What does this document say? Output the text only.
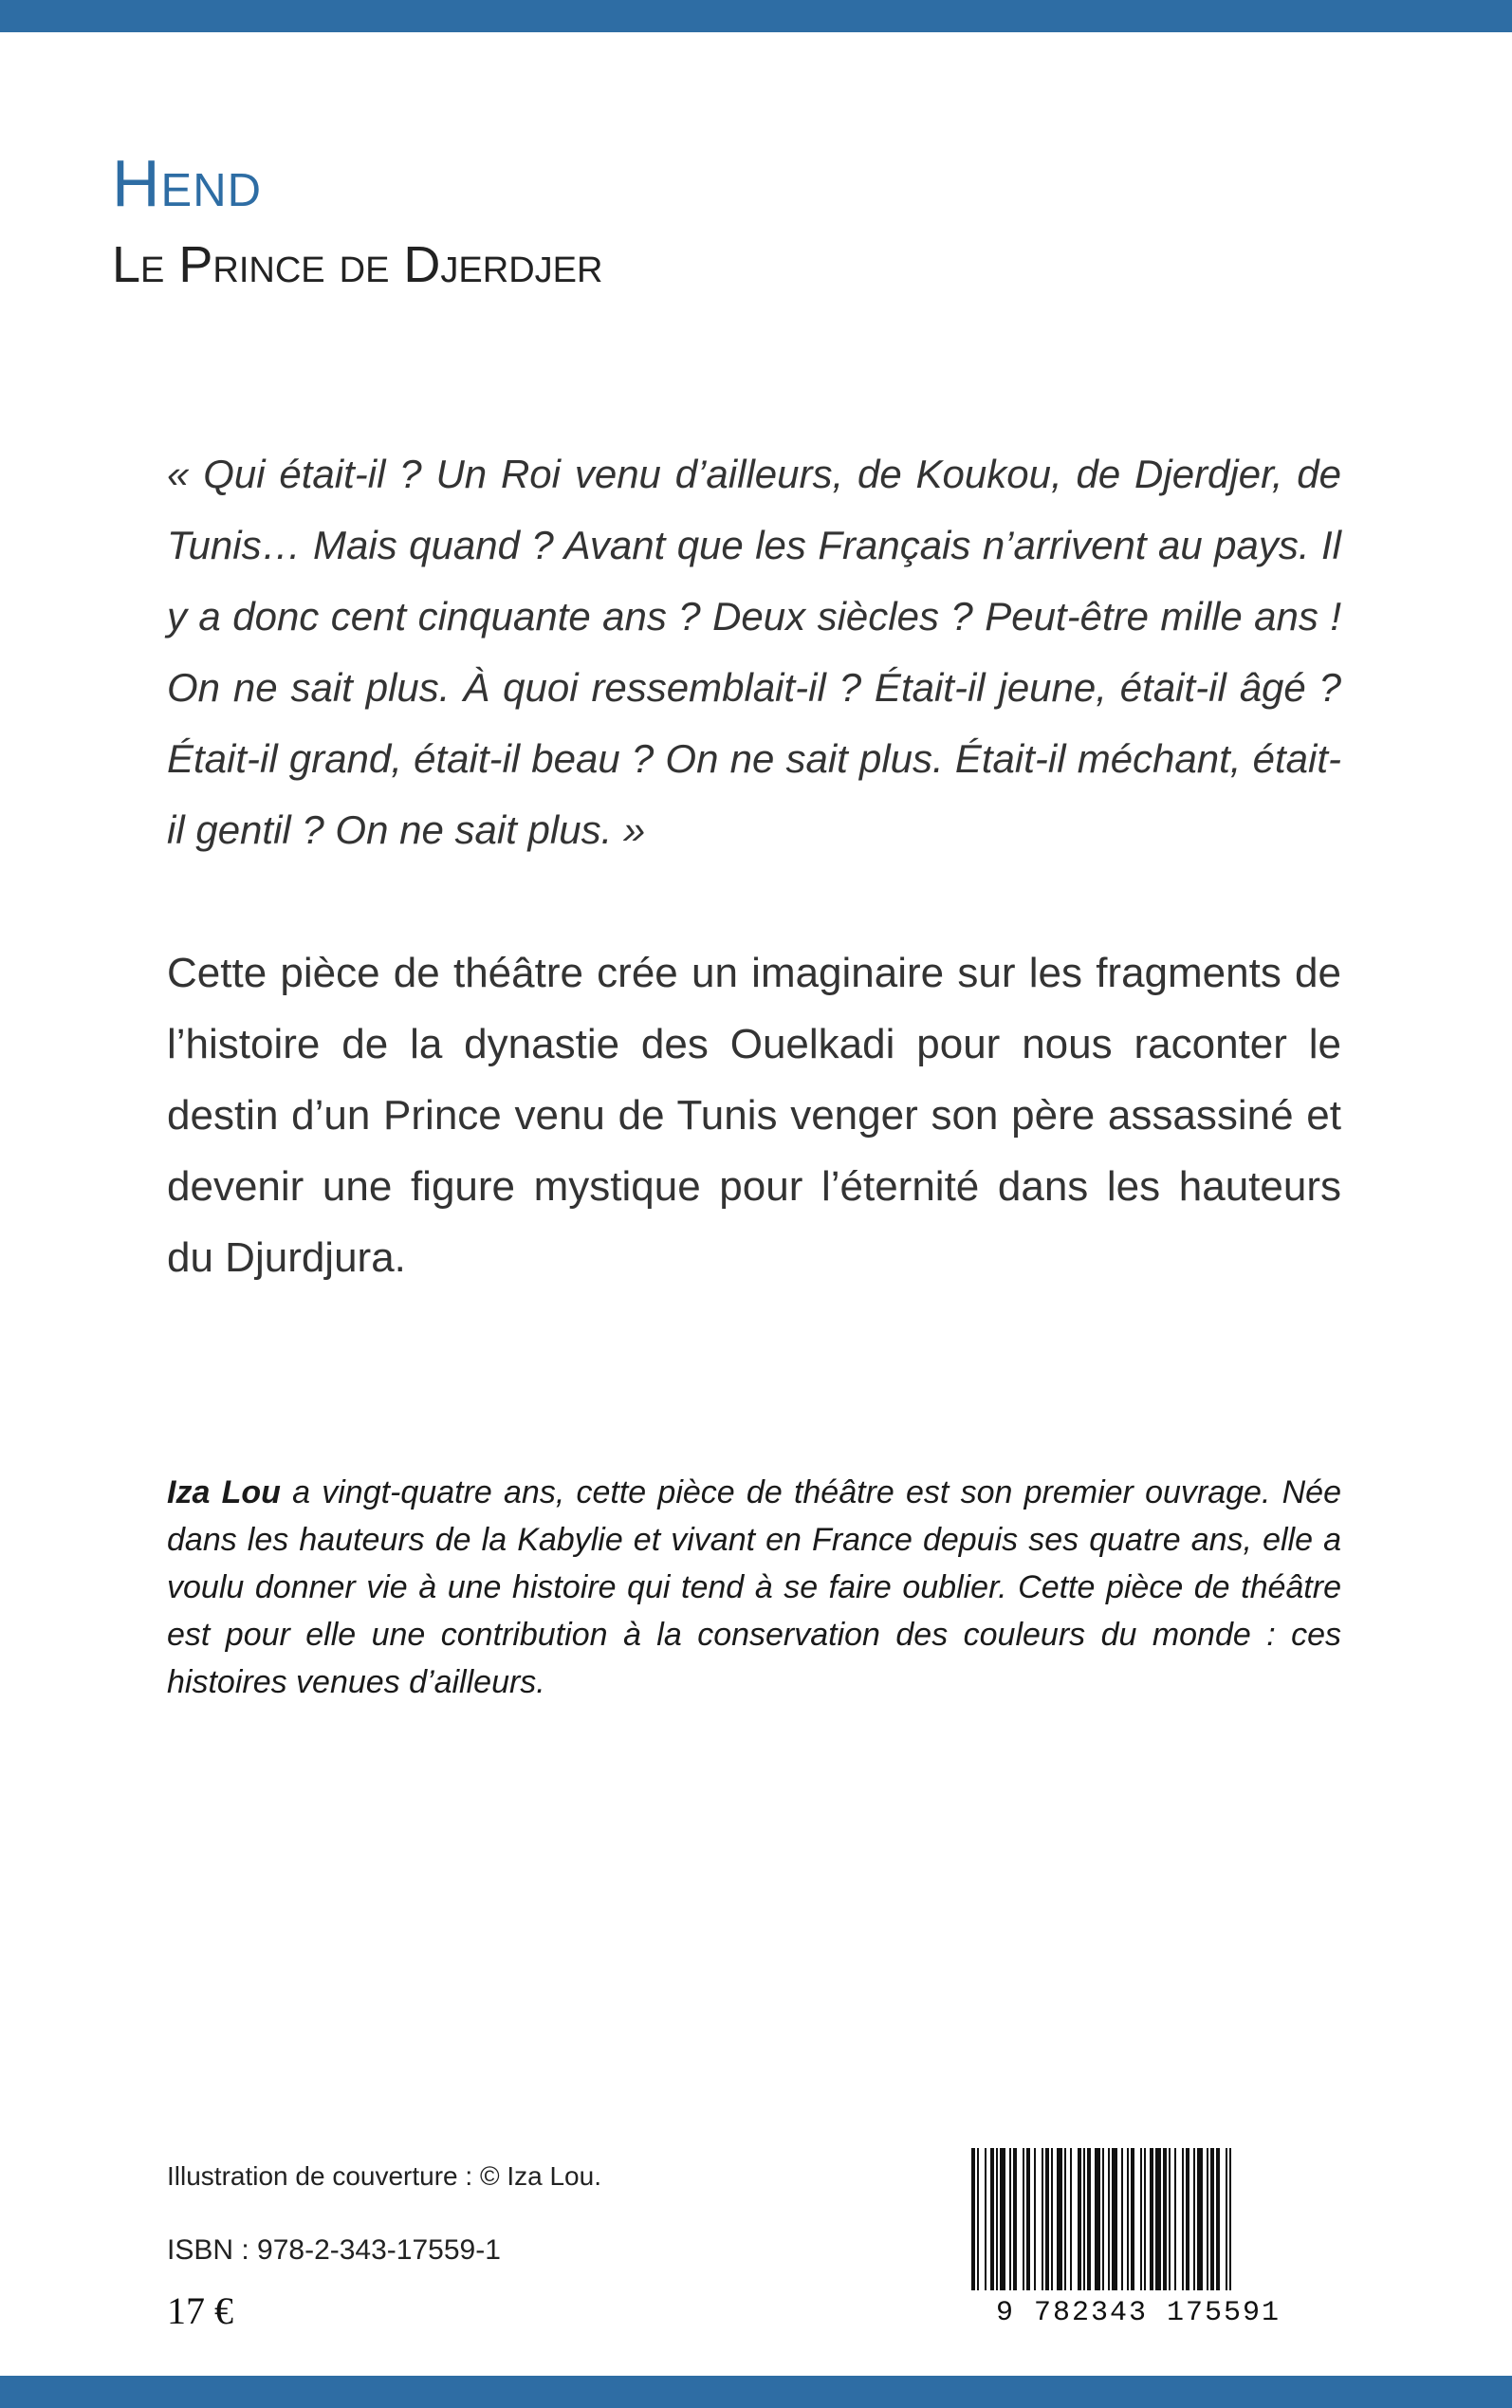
Hend
Le Prince de Djerdjer

« Qui était-il ? Un Roi venu d’ailleurs, de Koukou, de Djerdjer, de Tunis… Mais quand ? Avant que les Français n’arrivent au pays. Il y a donc cent cinquante ans ? Deux siècles ? Peut-être mille ans ! On ne sait plus. À quoi ressemblait-il ? Était-il jeune, était-il âgé ? Était-il grand, était-il beau ? On ne sait plus. Était-il méchant, était-il gentil ? On ne sait plus. »

Cette pièce de théâtre crée un imaginaire sur les fragments de l’histoire de la dynastie des Ouelkadi pour nous raconter le destin d’un Prince venu de Tunis venger son père assassiné et devenir une figure mystique pour l’éternité dans les hauteurs du Djurdjura.

Iza Lou a vingt-quatre ans, cette pièce de théâtre est son premier ouvrage. Née dans les hauteurs de la Kabylie et vivant en France depuis ses quatre ans, elle a voulu donner vie à une histoire qui tend à se faire oublier. Cette pièce de théâtre est pour elle une contribution à la conservation des couleurs du monde : ces histoires venues d’ailleurs.

Illustration de couverture : © Iza Lou.
ISBN : 978-2-343-17559-1
17 €	9 782343 175591
